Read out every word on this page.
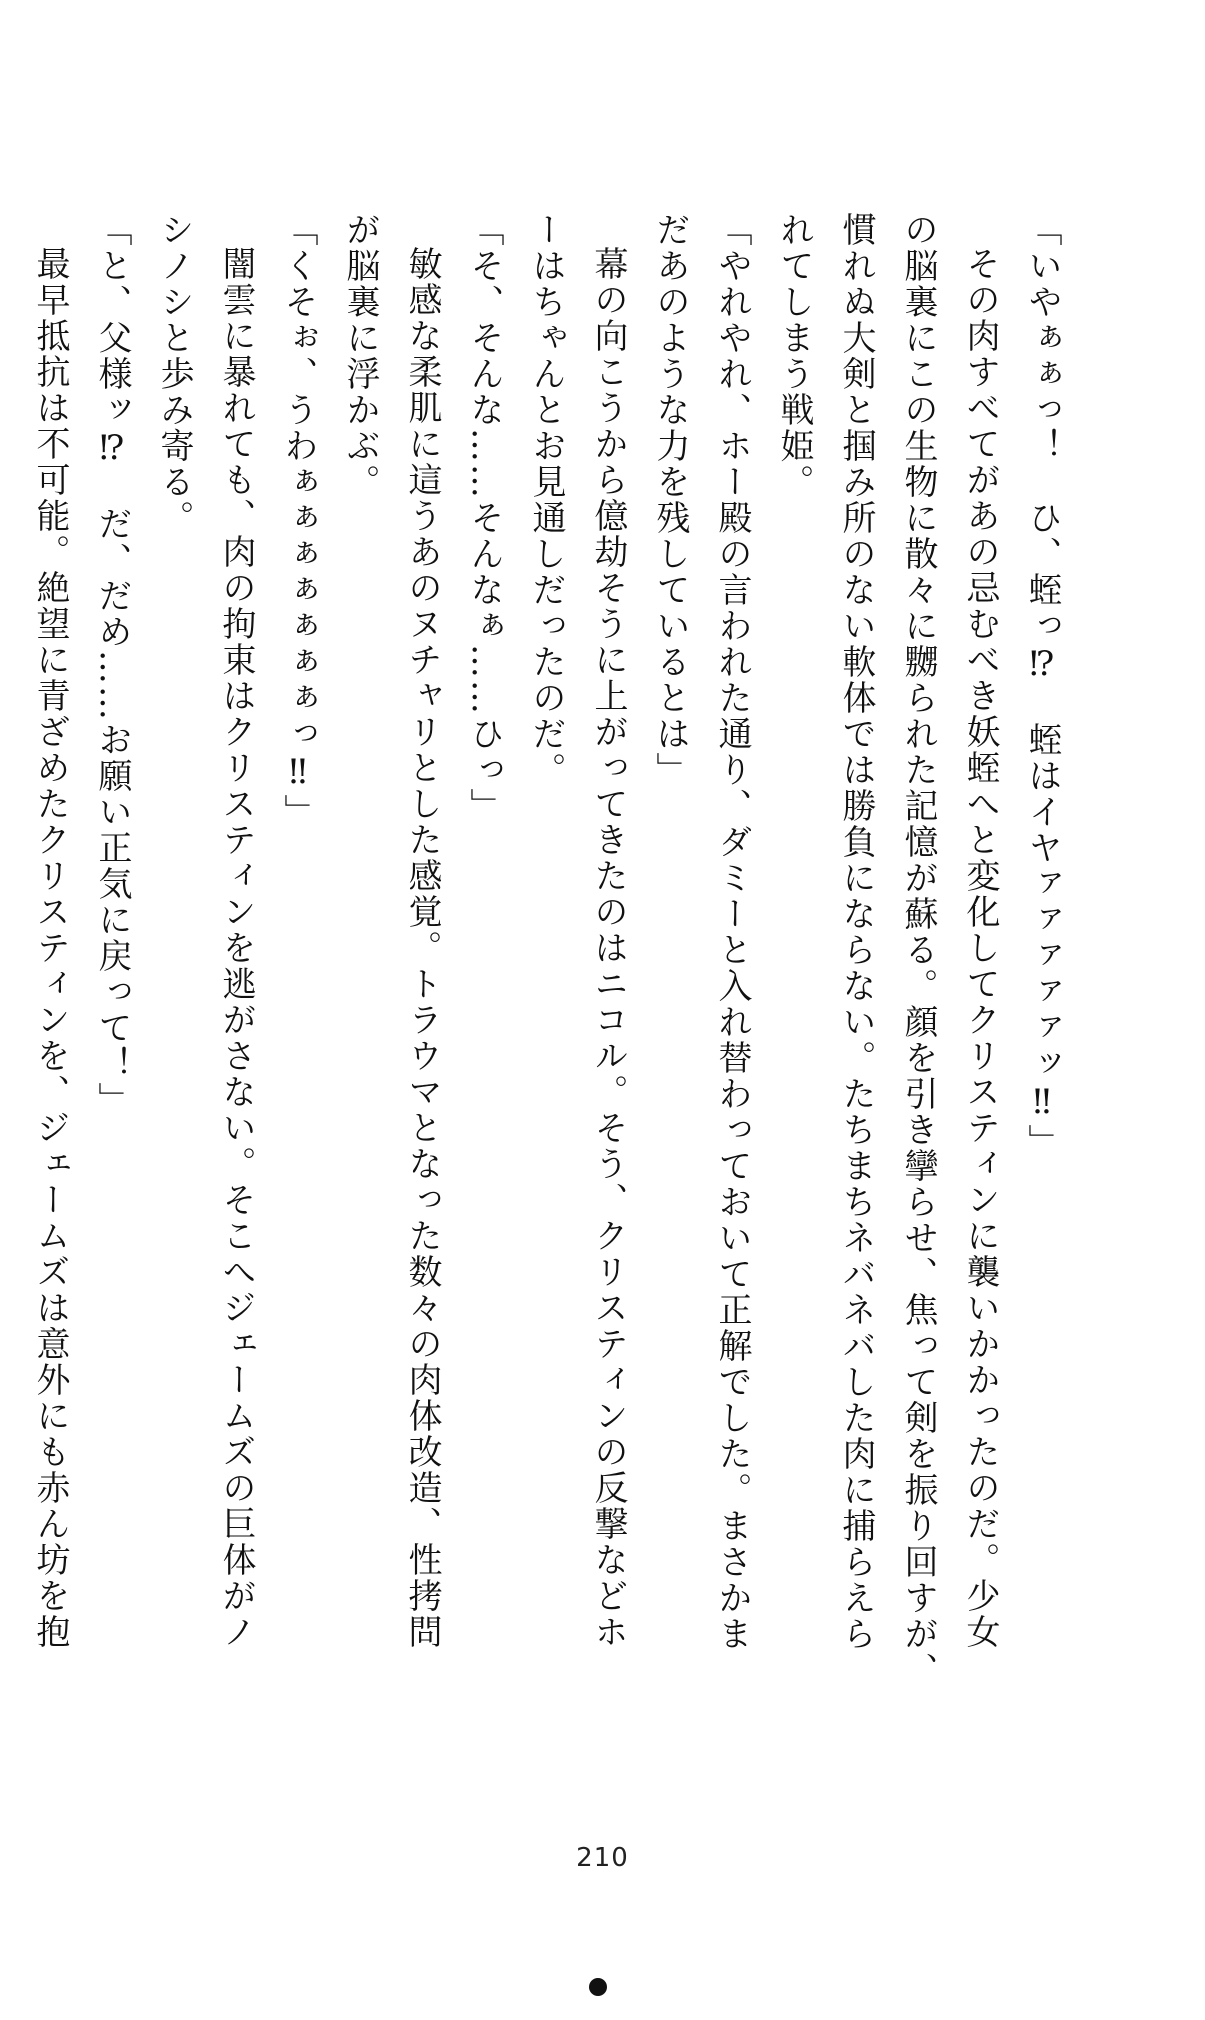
「いやぁぁっ！　ひ、蛭っ⁉　蛭はイヤァァァァァッ‼」

その肉すべてがあの忌むべき妖蛭へと変化してクリスティンに襲いかかったのだ。少女

の脳裏にこの生物に散々に嬲られた記憶が蘇る。顔を引き攣らせ、焦って剣を振り回すが、

慣れぬ大剣と掴み所のない軟体では勝負にならない。たちまちネバネバした肉に捕らえら

れてしまう戦姫。

「やれやれ、ホー殿の言われた通り、ダミーと入れ替わっておいて正解でした。まさかま

だあのような力を残しているとは」

幕の向こうから億劫そうに上がってきたのはニコル。そう、クリスティンの反撃などホ

ーはちゃんとお見通しだったのだ。

「そ、そんな……そんなぁ……ひっ」

敏感な柔肌に這うあのヌチャリとした感覚。トラウマとなった数々の肉体改造、性拷問

が脳裏に浮かぶ。

「くそぉ、うわぁぁぁぁぁぁぁっ‼」

闇雲に暴れても、肉の拘束はクリスティンを逃がさない。そこへジェームズの巨体がノ

シノシと歩み寄る。

「と、父様ッ⁉　だ、だめ……お願い正気に戻って！」

最早抵抗は不可能。絶望に青ざめたクリスティンを、ジェームズは意外にも赤ん坊を抱

210
